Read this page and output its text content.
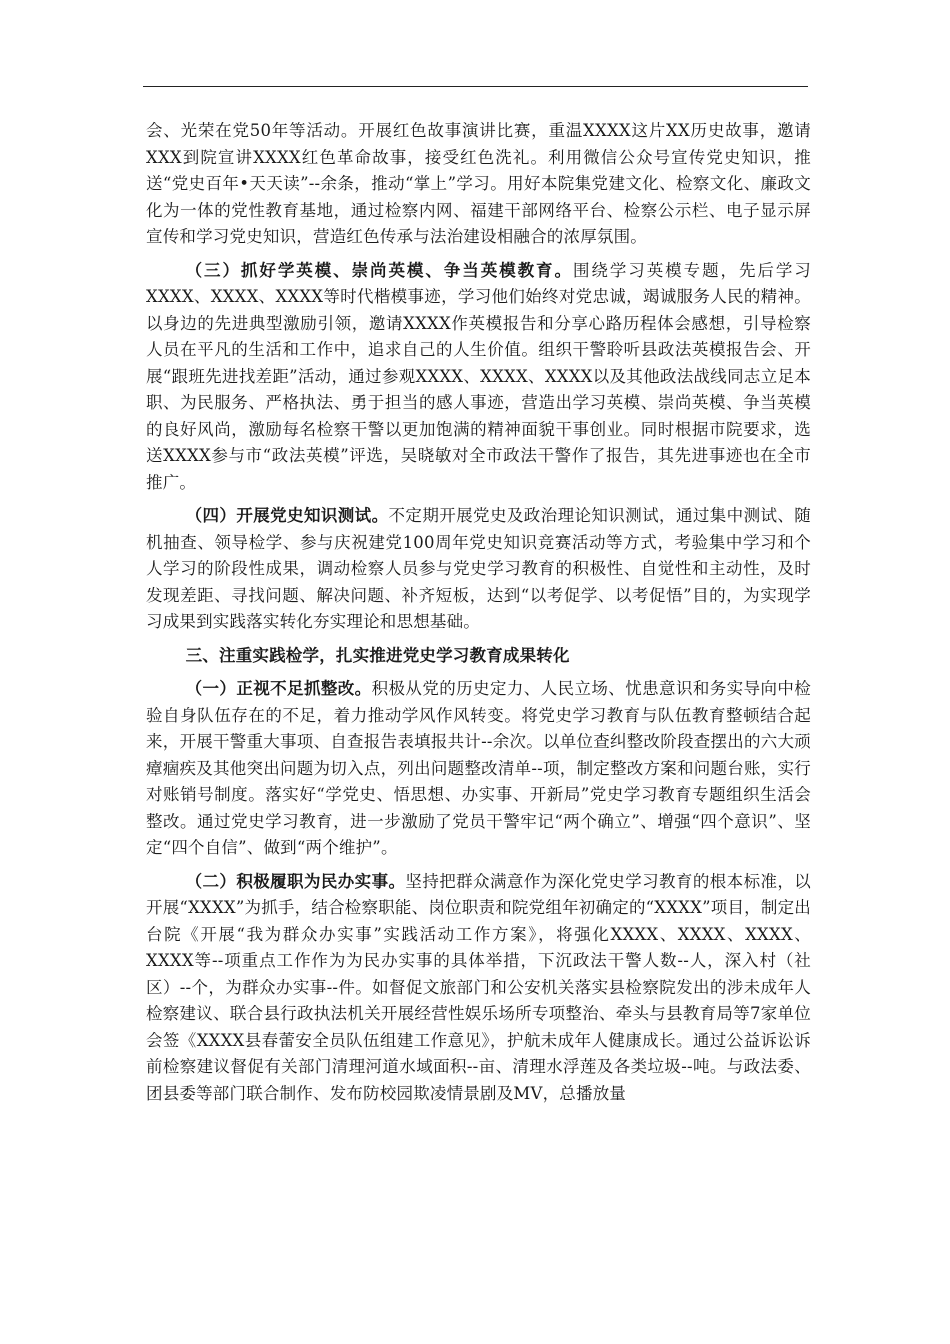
会、光荣在党50年等活动。开展红色故事演讲比赛，重温XXXX这片XX历史故事，邀请XXX到院宣讲XXXX红色革命故事，接受红色洗礼。利用微信公众号宣传党史知识，推送“党史百年•天天读”--余条，推动“掌上”学习。用好本院集党建文化、检察文化、廉政文化为一体的党性教育基地，通过检察内网、福建干部网络平台、检察公示栏、电子显示屏宣传和学习党史知识，营造红色传承与法治建设相融合的浓厚氛围。

（三）抓好学英模、崇尚英模、争当英模教育。围绕学习英模专题，先后学习XXXX、XXXX、XXXX等时代楷模事迹，学习他们始终对党忠诚，竭诚服务人民的精神。以身边的先进典型激励引领，邀请XXXX作英模报告和分享心路历程体会感想，引导检察人员在平凡的生活和工作中，追求自己的人生价值。组织干警聆听县政法英模报告会、开展“跟班先进找差距”活动，通过参观XXXX、XXXX、XXXX以及其他政法战线同志立足本职、为民服务、严格执法、勇于担当的感人事迹，营造出学习英模、崇尚英模、争当英模的良好风尚，激励每名检察干警以更加饱满的精神面貌干事创业。同时根据市院要求，选送XXXX参与市“政法英模”评选，吴晓敏对全市政法干警作了报告，其先进事迹也在全市推广。

（四）开展党史知识测试。不定期开展党史及政治理论知识测试，通过集中测试、随机抽查、领导检学、参与庆祝建党100周年党史知识竞赛活动等方式，考验集中学习和个人学习的阶段性成果，调动检察人员参与党史学习教育的积极性、自觉性和主动性，及时发现差距、寻找问题、解决问题、补齐短板，达到“以考促学、以考促悟”目的，为实现学习成果到实践落实转化夯实理论和思想基础。

三、注重实践检学，扎实推进党史学习教育成果转化

（一）正视不足抓整改。积极从党的历史定力、人民立场、忧患意识和务实导向中检验自身队伍存在的不足，着力推动学风作风转变。将党史学习教育与队伍教育整顿结合起来，开展干警重大事项、自查报告表填报共计--余次。以单位查纠整改阶段查摆出的六大顽瘴痼疾及其他突出问题为切入点，列出问题整改清单--项，制定整改方案和问题台账，实行对账销号制度。落实好“学党史、悟思想、办实事、开新局”党史学习教育专题组织生活会整改。通过党史学习教育，进一步激励了党员干警牢记“两个确立”、增强“四个意识”、坚定“四个自信”、做到“两个维护”。

（二）积极履职为民办实事。坚持把群众满意作为深化党史学习教育的根本标准，以开展“XXXX”为抓手，结合检察职能、岗位职责和院党组年初确定的“XXXX”项目，制定出台院《开展“我为群众办实事”实践活动工作方案》，将强化XXXX、XXXX、XXXX、XXXX等--项重点工作作为为民办实事的具体举措，下沉政法干警人数--人，深入村（社区）--个，为群众办实事--件。如督促文旅部门和公安机关落实县检察院发出的涉未成年人检察建议、联合县行政执法机关开展经营性娱乐场所专项整治、牵头与县教育局等7家单位会签《XXXX县春蕾安全员队伍组建工作意见》，护航未成年人健康成长。通过公益诉讼诉前检察建议督促有关部门清理河道水域面积--亩、清理水浮莲及各类垃圾--吨。与政法委、团县委等部门联合制作、发布防校园欺凌情景剧及MV，总播放量
